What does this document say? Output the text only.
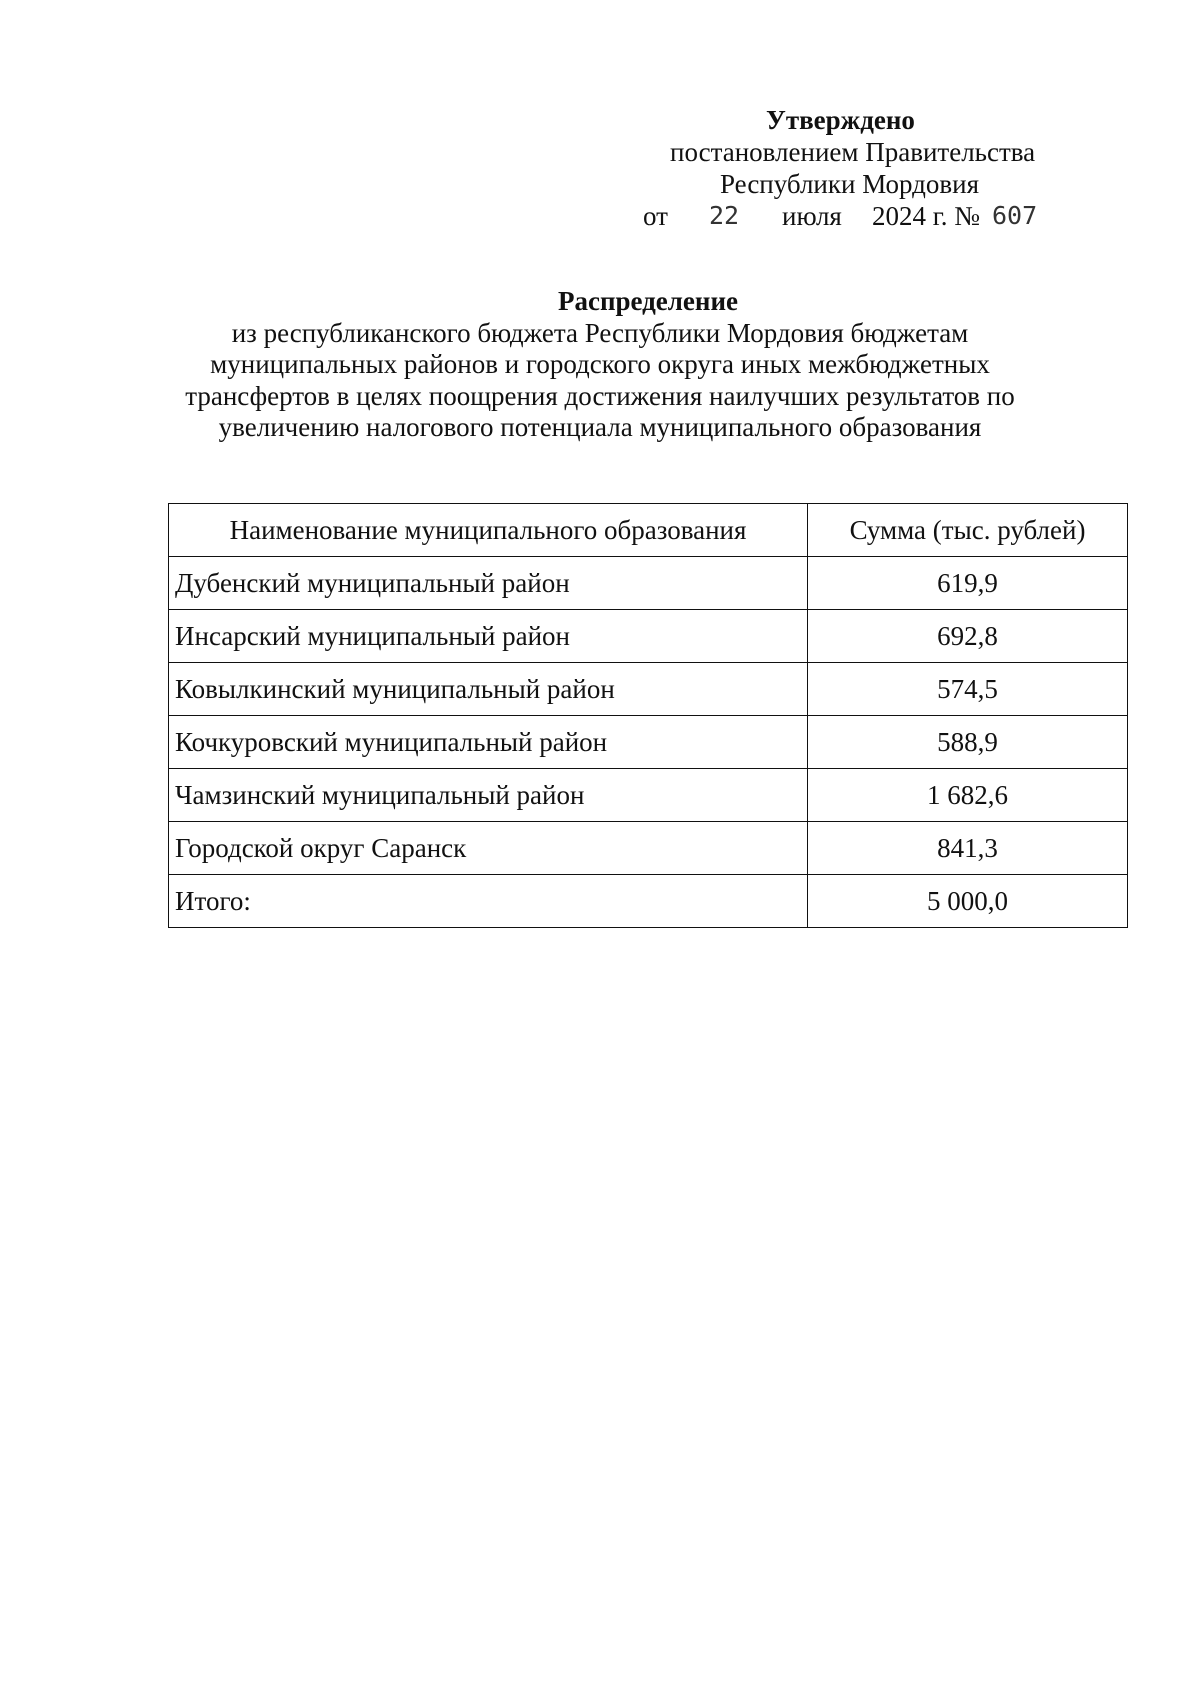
Утверждено
постановлением Правительства
Республики Мордовия
от 22 июля 2024 г. № 607
Распределение
из республиканского бюджета Республики Мордовия бюджетам
муниципальных районов и городского округа иных межбюджетных
трансфертов в целях поощрения достижения наилучших результатов по
увеличению налогового потенциала муниципального образования
Наименование муниципального образования	Сумма (тыс. рублей)
Дубенский муниципальный район	619,9
Инсарский муниципальный район	692,8
Ковылкинский муниципальный район	574,5
Кочкуровский муниципальный район	588,9
Чамзинский муниципальный район	1 682,6
Городской округ Саранск	841,3
Итого:	5 000,0
